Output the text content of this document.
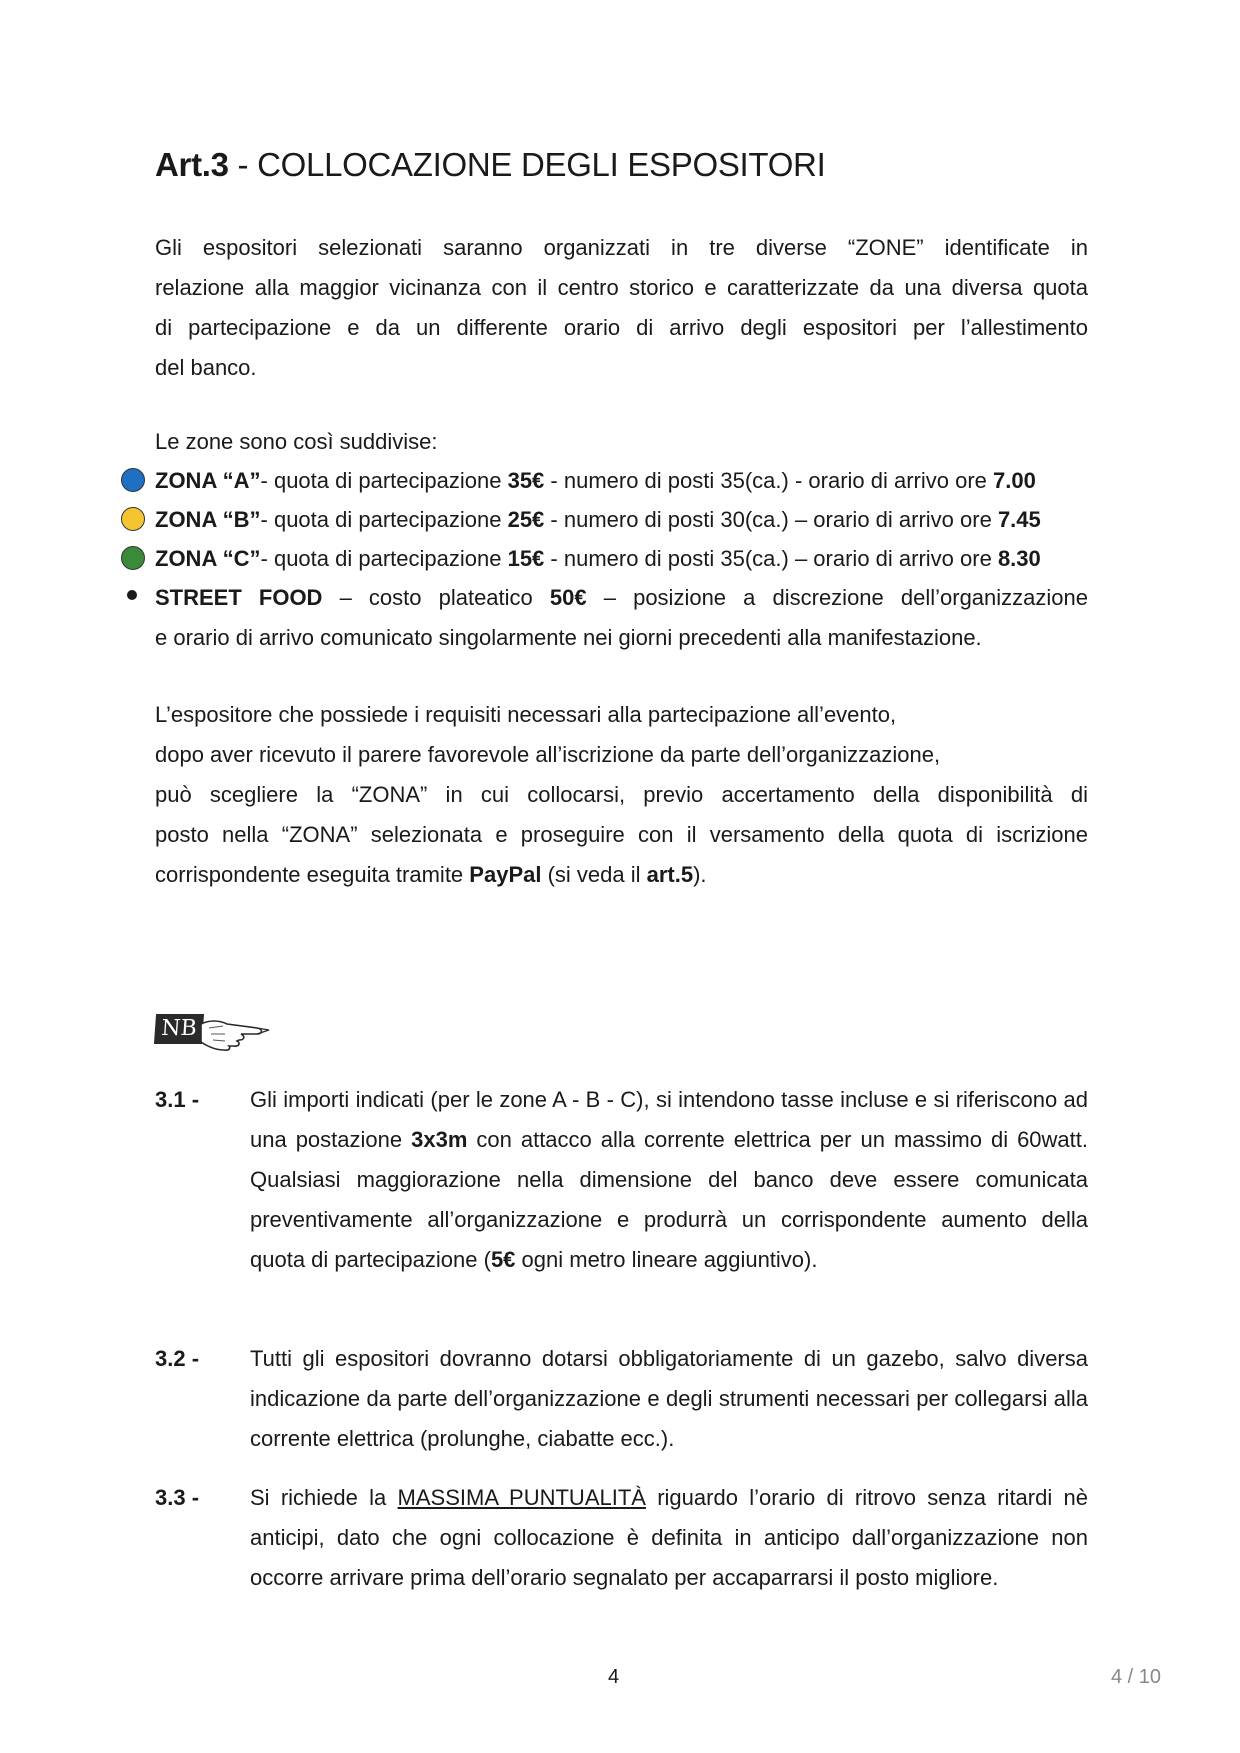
Art.3 - COLLOCAZIONE DEGLI ESPOSITORI
Gli espositori selezionati saranno organizzati in tre diverse “ZONE” identificate in
relazione alla maggior vicinanza con il centro storico e caratterizzate da una diversa quota
di partecipazione e da un differente orario di arrivo degli espositori per l’allestimento
del banco.
Le zone sono così suddivise:
ZONA “A”- quota di partecipazione 35€ - numero di posti 35(ca.) - orario di arrivo ore 7.00
ZONA “B”- quota di partecipazione 25€ - numero di posti 30(ca.) – orario di arrivo ore 7.45
ZONA “C”- quota di partecipazione 15€ - numero di posti 35(ca.) – orario di arrivo ore 8.30
STREET FOOD – costo plateatico 50€ – posizione a discrezione dell’organizzazione
e orario di arrivo comunicato singolarmente nei giorni precedenti alla manifestazione.
L’espositore che possiede i requisiti necessari alla partecipazione all’evento,
dopo aver ricevuto il parere favorevole all’iscrizione da parte dell’organizzazione,
può scegliere la “ZONA” in cui collocarsi, previo accertamento della disponibilità di
posto nella “ZONA” selezionata e proseguire con il versamento della quota di iscrizione
corrispondente eseguita tramite PayPal (si veda il art.5).
NB
3.1 - Gli importi indicati (per le zone A - B - C), si intendono tasse incluse e si riferiscono ad una postazione 3x3m con attacco alla corrente elettrica per un massimo di 60watt. Qualsiasi maggiorazione nella dimensione del banco deve essere comunicata preventivamente all’organizzazione e produrrà un corrispondente aumento della quota di partecipazione (5€ ogni metro lineare aggiuntivo).
3.2 - Tutti gli espositori dovranno dotarsi obbligatoriamente di un gazebo, salvo diversa indicazione da parte dell’organizzazione e degli strumenti necessari per collegarsi alla corrente elettrica (prolunghe, ciabatte ecc.).
3.3 - Si richiede la MASSIMA PUNTUALITÀ riguardo l’orario di ritrovo senza ritardi nè anticipi, dato che ogni collocazione è definita in anticipo dall’organizzazione non occorre arrivare prima dell’orario segnalato per accaparrarsi il posto migliore.
4	4 / 10
